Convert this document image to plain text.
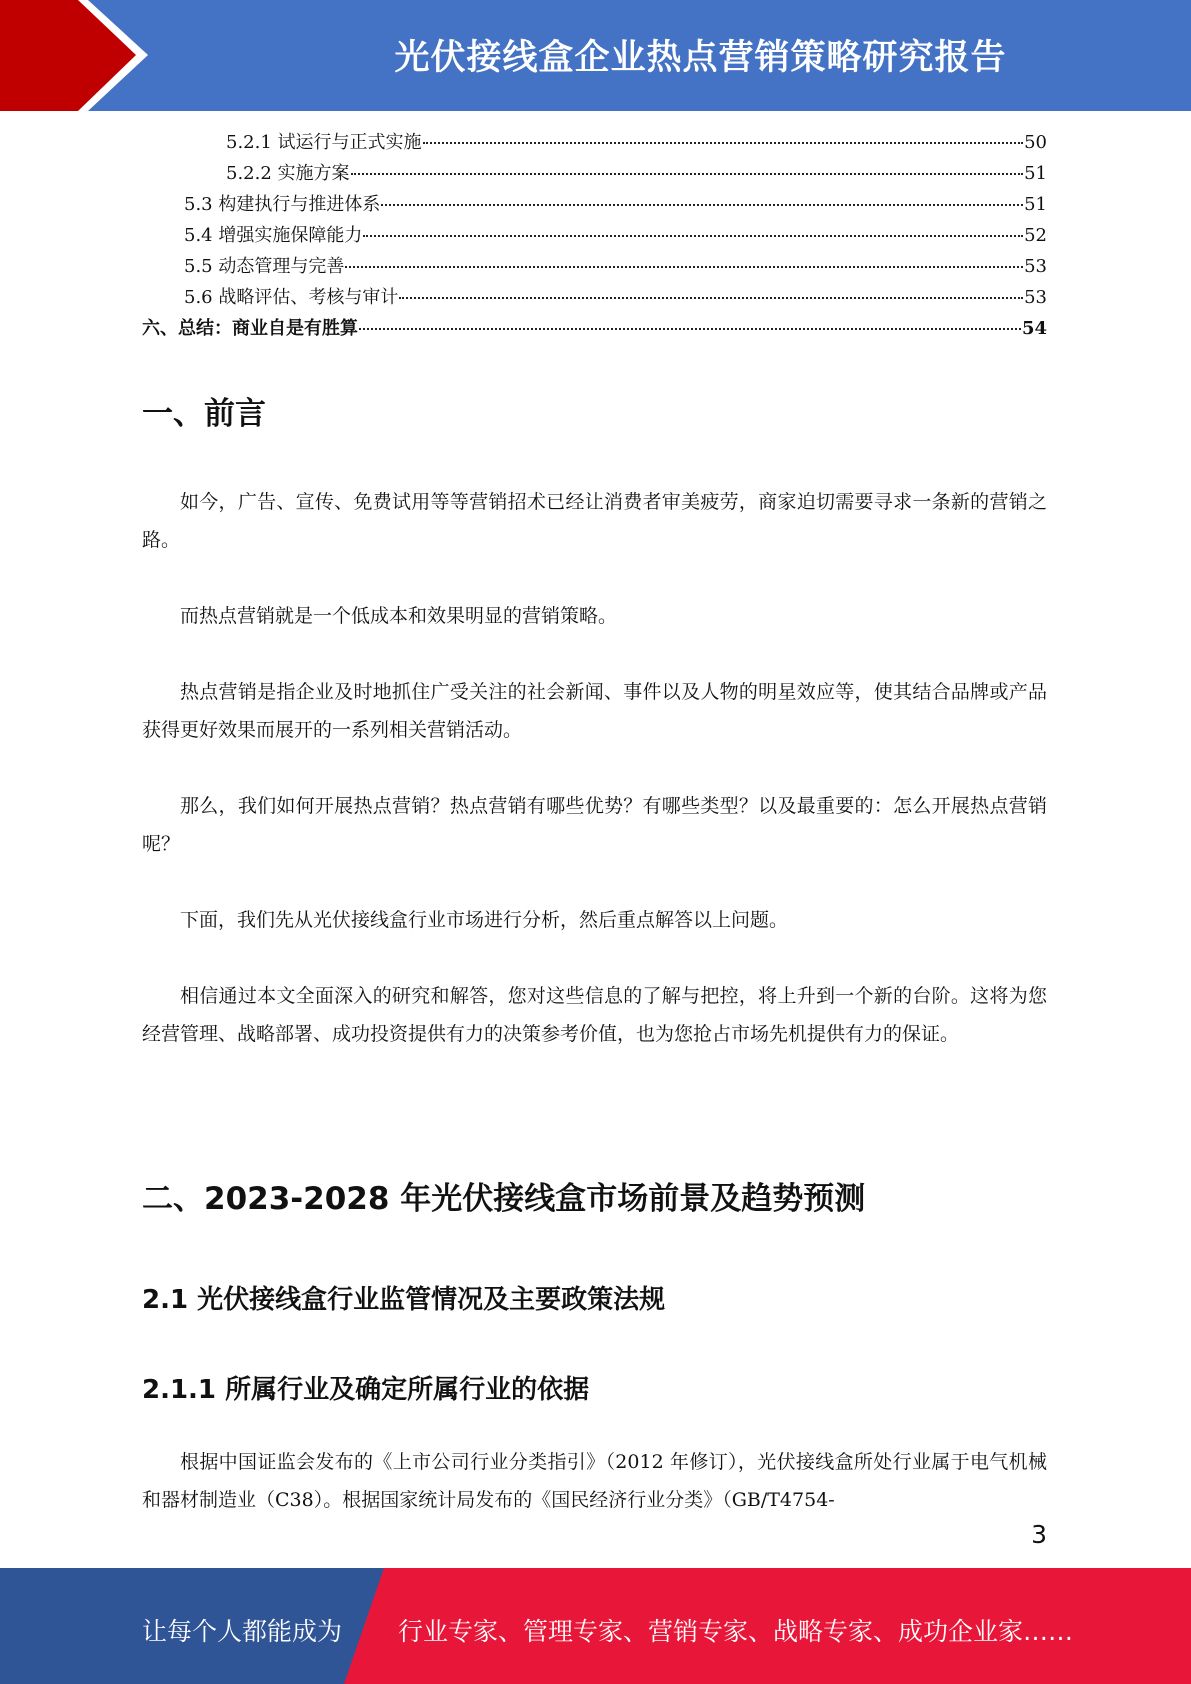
光伏接线盒企业热点营销策略研究报告
5.2.1 试运行与正式实施	50
5.2.2 实施方案	51
5.3 构建执行与推进体系	51
5.4 增强实施保障能力	52
5.5 动态管理与完善	53
5.6 战略评估、考核与审计	53
六、总结：商业自是有胜算	54
一、前言
如今，广告、宣传、免费试用等等营销招术已经让消费者审美疲劳，商家迫切需要寻求一条新的营销之路。
而热点营销就是一个低成本和效果明显的营销策略。
热点营销是指企业及时地抓住广受关注的社会新闻、事件以及人物的明星效应等，使其结合品牌或产品获得更好效果而展开的一系列相关营销活动。
那么，我们如何开展热点营销？热点营销有哪些优势？有哪些类型？以及最重要的：怎么开展热点营销呢？
下面，我们先从光伏接线盒行业市场进行分析，然后重点解答以上问题。
相信通过本文全面深入的研究和解答，您对这些信息的了解与把控，将上升到一个新的台阶。这将为您经营管理、战略部署、成功投资提供有力的决策参考价值，也为您抢占市场先机提供有力的保证。
二、2023-2028 年光伏接线盒市场前景及趋势预测
2.1 光伏接线盒行业监管情况及主要政策法规
2.1.1 所属行业及确定所属行业的依据
根据中国证监会发布的《上市公司行业分类指引》（2012 年修订），光伏接线盒所处行业属于电气机械和器材制造业（C38）。根据国家统计局发布的《国民经济行业分类》（GB/T4754-
3
让每个人都能成为 行业专家、管理专家、营销专家、战略专家、成功企业家……
